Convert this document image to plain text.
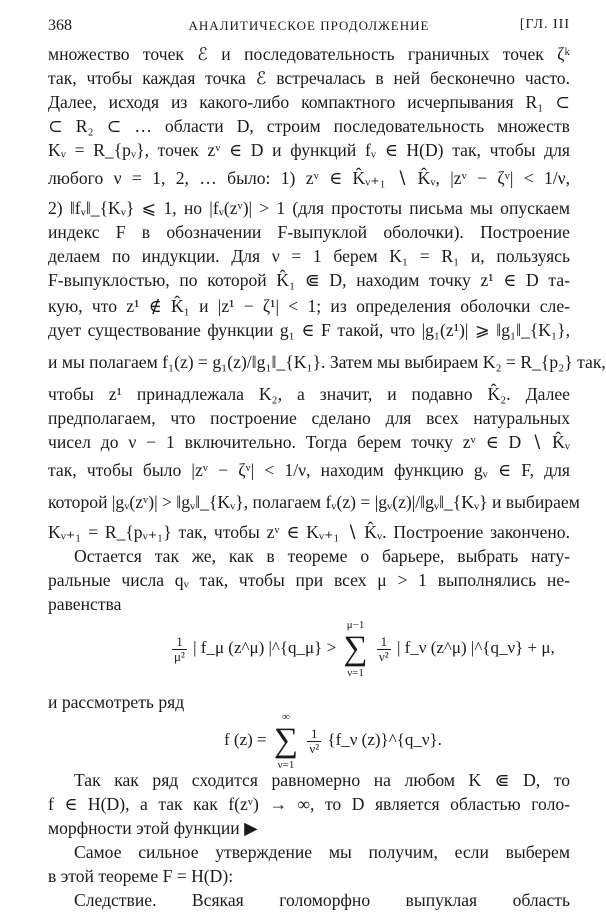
368	АНАЛИТИЧЕСКОЕ ПРОДОЛЖЕНИЕ	[ГЛ. III
множество точек ℰ и последовательность граничных точек ζᵏ
так, чтобы каждая точка ℰ встречалась в ней бесконечно часто.
Далее, исходя из какого-либо компактного исчерпывания R₁ ⊂
⊂ R₂ ⊂ … области D, строим последовательность множеств
Kᵥ = R_{pᵥ}, точек zᵛ ∈ D и функций fᵥ ∈ H(D) так, чтобы для
любого ν = 1, 2, … было: 1) zᵛ ∈ K̂ᵥ₊₁ ∖ K̂ᵥ, |zᵛ − ζᵛ| < 1/ν,
2) ‖fᵥ‖_{Kᵥ} ⩽ 1, но |fᵥ(zᵛ)| > 1 (для простоты письма мы опускаем
индекс F в обозначении F-выпуклой оболочки). Построение
делаем по индукции. Для ν = 1 берем K₁ = R₁ и, пользуясь
F-выпуклостью, по которой K̂₁ ⋐ D, находим точку z¹ ∈ D та-
кую, что z¹ ∉ K̂₁ и |z¹ − ζ¹| < 1; из определения оболочки сле-
дует существование функции g₁ ∈ F такой, что |g₁(z¹)| ⩾ ‖g₁‖_{K₁},
и мы полагаем f₁(z) = g₁(z)/‖g₁‖_{K₁}. Затем мы выбираем K₂ = R_{p₂} так,
чтобы z¹ принадлежала K₂, а значит, и подавно K̂₂. Далее
предполагаем, что построение сделано для всех натуральных
чисел до ν − 1 включительно. Тогда берем точку zᵛ ∈ D ∖ K̂ᵥ
так, чтобы было |zᵛ − ζᵛ| < 1/ν, находим функцию gᵥ ∈ F, для
которой |gᵥ(zᵛ)| > ‖gᵥ‖_{Kᵥ}, полагаем fᵥ(z) = |gᵥ(z)|/‖gᵥ‖_{Kᵥ} и выбираем
Kᵥ₊₁ = R_{pᵥ₊₁} так, чтобы zᵛ ∈ Kᵥ₊₁ ∖ K̂ᵥ. Построение закончено.
Остается так же, как в теореме о барьере, выбрать нату-
ральные числа qᵥ так, чтобы при всех μ > 1 выполнялись не-
равенства
$\frac{1}{\text{μ²}}$ | f_μ (z^μ) |^{q_μ} >
μ−1
∑
ν=1

$\frac{1}{\text{ν²}}$ | f_ν (z^μ) |^{q_ν} + μ,
и рассмотреть ряд
f (z) =
∞
∑
ν=1

$\frac{1}{\text{ν²}}$ {f_ν (z)}^{q_ν}.
Так как ряд сходится равномерно на любом K ⋐ D, то
f ∈ H(D), а так как f(zᵛ) → ∞, то D является областью голо-
морфности этой функции ▶
Самое сильное утверждение мы получим, если выберем
в этой теореме F = H(D):
Следствие. Всякая голоморфно выпуклая область
